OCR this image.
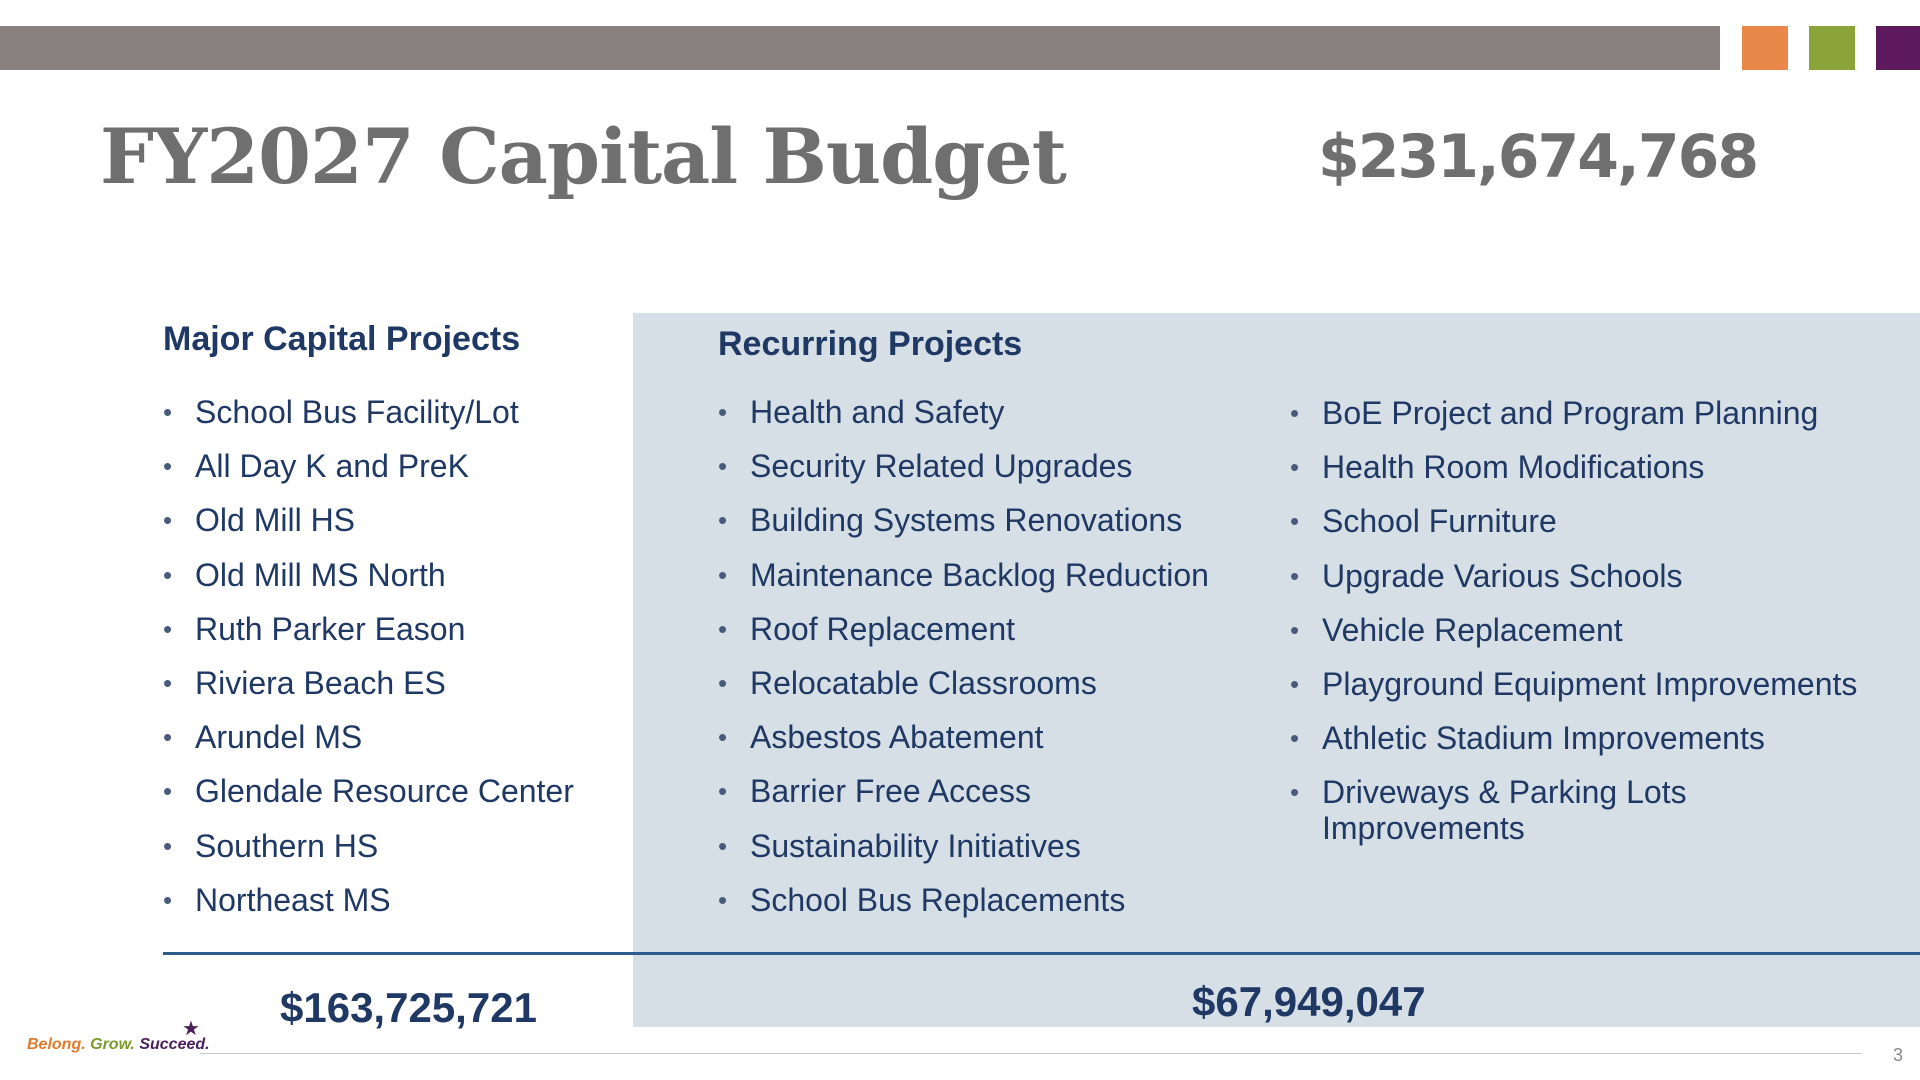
FY2027 Capital Budget	$231,674,768
Major Capital Projects
• School Bus Facility/Lot
• All Day K and PreK
• Old Mill HS
• Old Mill MS North
• Ruth Parker Eason
• Riviera Beach ES
• Arundel MS
• Glendale Resource Center
• Southern HS
• Northeast MS
Recurring Projects
• Health and Safety
• Security Related Upgrades
• Building Systems Renovations
• Maintenance Backlog Reduction
• Roof Replacement
• Relocatable Classrooms
• Asbestos Abatement
• Barrier Free Access
• Sustainability Initiatives
• School Bus Replacements
• BoE Project and Program Planning
• Health Room Modifications
• School Furniture
• Upgrade Various Schools
• Vehicle Replacement
• Playground Equipment Improvements
• Athletic Stadium Improvements
• Driveways & Parking Lots Improvements
$163,725,721	$67,949,047
Belong. Grow. Succeed.
★
3
